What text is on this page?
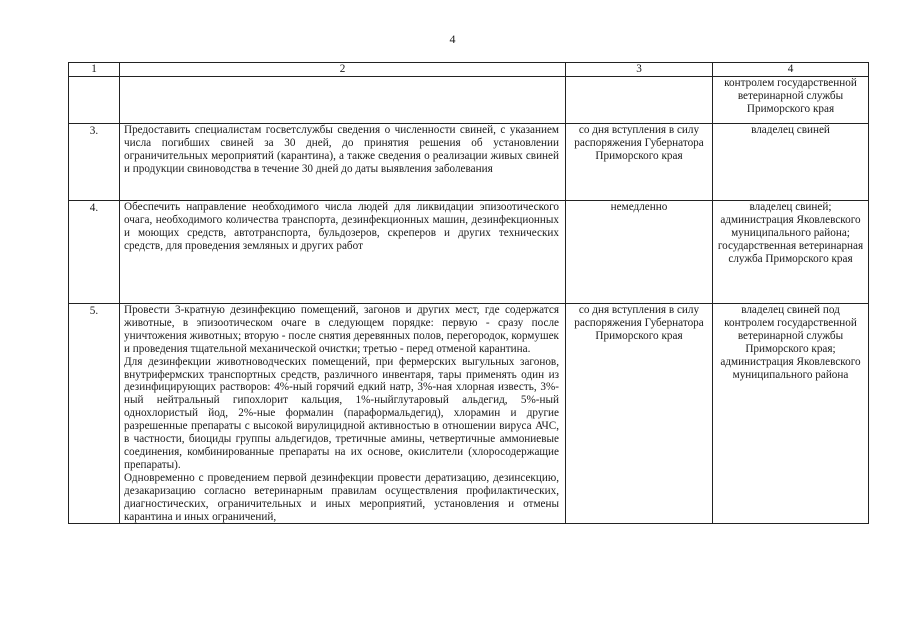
4
1	2	3	4
			контролем государственной ветеринарной службы Приморского края
3.	Предоставить специалистам госветслужбы сведения о численности свиней, с указанием числа погибших свиней за 30 дней, до принятия решения об установлении ограничительных мероприятий (карантина), а также сведения о реализации живых свиней и продукции свиноводства в течение 30 дней до даты выявления заболевания	со дня вступления в силу распоряжения Губернатора Приморского края	владелец свиней
4.	Обеспечить направление необходимого числа людей для ликвидации эпизоотического очага, необходимого количества транспорта, дезинфекционных машин, дезинфекционных и моющих средств, автотранспорта, бульдозеров, скреперов и других технических средств, для проведения земляных и других работ	немедленно	владелец свиней; администрация Яковлевского муниципального района; государственная ветеринарная служба Приморского края
5.	Провести 3-кратную дезинфекцию помещений, загонов и других мест, где содержатся животные, в эпизоотическом очаге в следующем порядке: первую - сразу после уничтожения животных; вторую - после снятия деревянных полов, перегородок, кормушек и проведения тщательной механической очистки; третью - перед отменой карантина.
Для дезинфекции животноводческих помещений, при фермерских выгульных загонов, внутрифермских транспортных средств, различного инвентаря, тары применять один из дезинфицирующих растворов: 4%-ный горячий едкий натр, 3%-ная хлорная известь, 3%-ный нейтральный гипохлорит кальция, 1%-ныйглутаровый альдегид, 5%-ный однохлористый йод, 2%-ные формалин (параформальдегид), хлорамин и другие разрешенные препараты с высокой вирулицидной активностью в отношении вируса АЧС, в частности, биоциды группы альдегидов, третичные амины, четвертичные аммониевые соединения, комбинированные препараты на их основе, окислители (хлоросодержащие препараты).
Одновременно с проведением первой дезинфекции провести дератизацию, дезинсекцию, дезакаризацию согласно ветеринарным правилам осуществления профилактических, диагностических, ограничительных и иных мероприятий, установления и отмены карантина и иных ограничений,	со дня вступления в силу распоряжения Губернатора Приморского края	владелец свиней под контролем государственной ветеринарной службы Приморского края; администрация Яковлевского муниципального района
